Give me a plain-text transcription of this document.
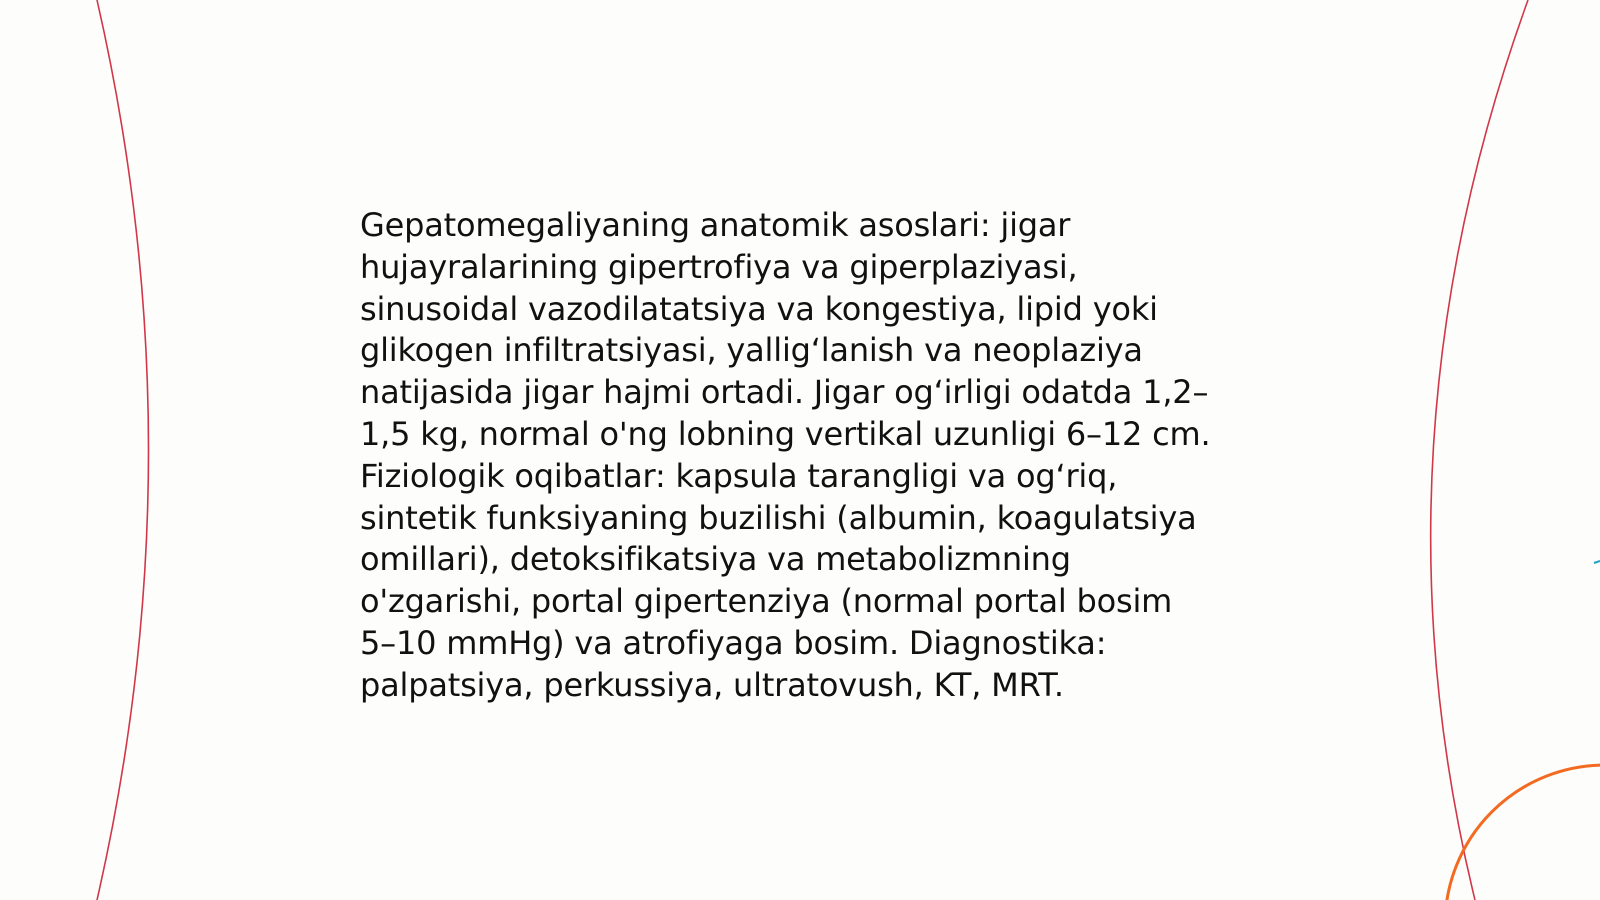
Gepatomegaliyaning anatomik asoslari: jigar
hujayralarining gipertrofiya va giperplaziyasi,
sinusoidal vazodilatatsiya va kongestiya, lipid yoki
glikogen infiltratsiyasi, yallig‘lanish va neoplaziya
natijasida jigar hajmi ortadi. Jigar og‘irligi odatda 1,2–
1,5 kg, normal o'ng lobning vertikal uzunligi 6–12 cm.
Fiziologik oqibatlar: kapsula tarangligi va og‘riq,
sintetik funksiyaning buzilishi (albumin, koagulatsiya
omillari), detoksifikatsiya va metabolizmning
o'zgarishi, portal gipertenziya (normal portal bosim
5–10 mmHg) va atrofiyaga bosim. Diagnostika:
palpatsiya, perkussiya, ultratovush, KT, MRT.
